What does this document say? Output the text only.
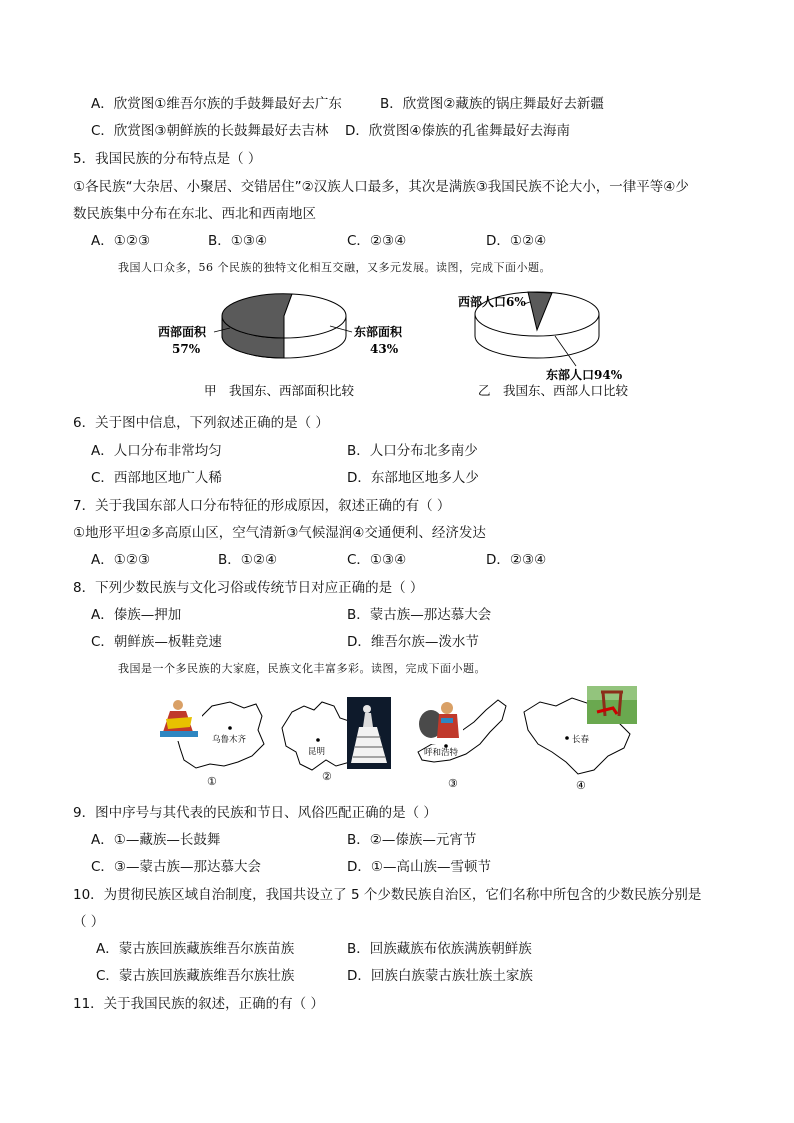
A．欣赏图①维吾尔族的手鼓舞最好去广东	B．欣赏图②藏族的锅庄舞最好去新疆
C．欣赏图③朝鲜族的长鼓舞最好去吉林 D．欣赏图④傣族的孔雀舞最好去海南
5．我国民族的分布特点是（ ）
①各民族“大杂居、小聚居、交错居住”②汉族人口最多，其次是满族③我国民族不论大小，一律平等④少
数民族集中分布在东北、西北和西南地区
A．①②③	B．①③④	C．②③④	D．①②④
我国人口众多，56 个民族的独特文化相互交融，又多元发展。读图，完成下面小题。
西部面积
57%
东部面积
43%
甲　我国东、西部面积比较
西部人口6%
东部人口94%
乙　我国东、西部人口比较
6．关于图中信息，下列叙述正确的是（ ）
A．人口分布非常均匀	B．人口分布北多南少
C．西部地区地广人稀	D．东部地区地多人少
7．关于我国东部人口分布特征的形成原因，叙述正确的有（ ）
①地形平坦②多高原山区，空气清新③气候湿润④交通便利、经济发达
A．①②③	B．①②④	C．①③④	D．②③④
8．下列少数民族与文化习俗或传统节日对应正确的是（ ）
A．傣族—押加	B．蒙古族—那达慕大会
C．朝鲜族—板鞋竞速	D．维吾尔族—泼水节
我国是一个多民族的大家庭，民族文化丰富多彩。读图，完成下面小题。
乌鲁木齐
①
昆明
②
呼和浩特
③
长春
④
9．图中序号与其代表的民族和节日、风俗匹配正确的是（ ）
A．①—藏族—长鼓舞	B．②—傣族—元宵节
C．③—蒙古族—那达慕大会	D．①—高山族—雪顿节
10．为贯彻民族区域自治制度，我国共设立了 5 个少数民族自治区，它们名称中所包含的少数民族分别是
（ ）
A．蒙古族回族藏族维吾尔族苗族	B．回族藏族布依族满族朝鲜族
C．蒙古族回族藏族维吾尔族壮族	D．回族白族蒙古族壮族土家族
11．关于我国民族的叙述，正确的有（ ）
